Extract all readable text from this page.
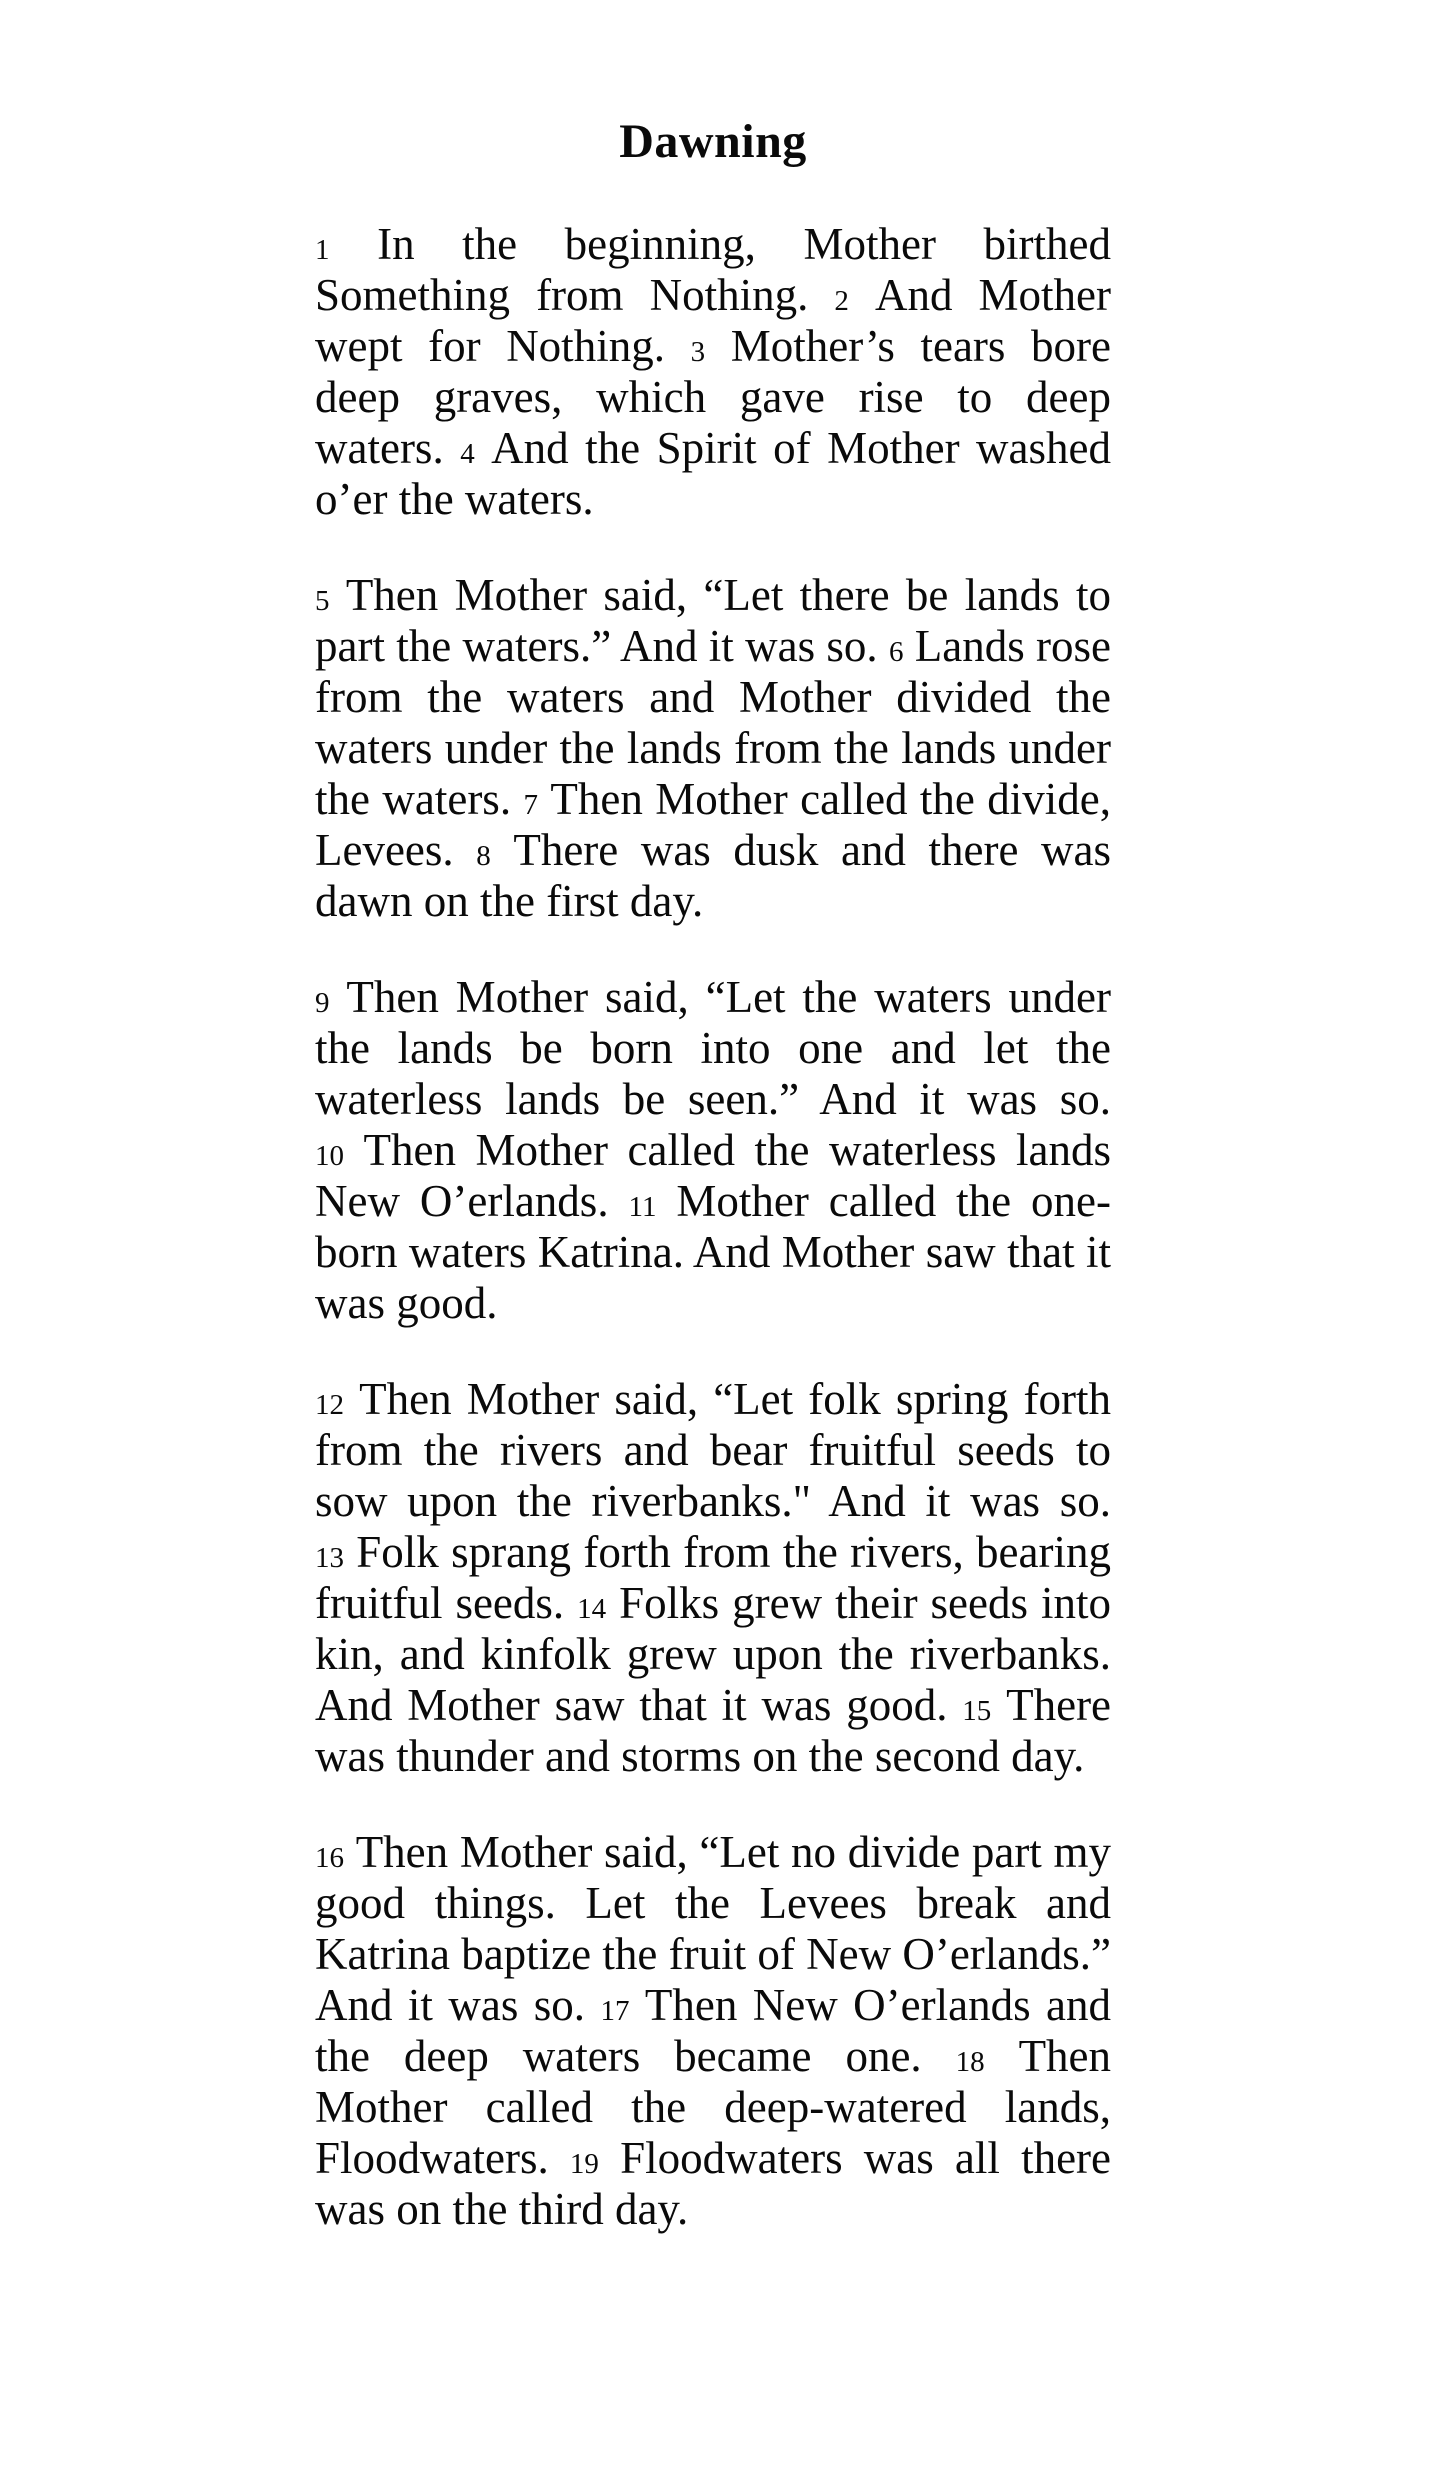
Dawning

1 In the beginning, Mother birthed Something from Nothing. 2 And Mother wept for Nothing. 3 Mother’s tears bore deep graves, which gave rise to deep waters. 4 And the Spirit of Mother washed o’er the waters.

5 Then Mother said, “Let there be lands to part the waters.” And it was so. 6 Lands rose from the waters and Mother divided the waters under the lands from the lands under the waters. 7 Then Mother called the divide, Levees. 8 There was dusk and there was dawn on the first day.

9 Then Mother said, “Let the waters under the lands be born into one and let the waterless lands be seen.” And it was so. 10 Then Mother called the waterless lands New O’erlands. 11 Mother called the one-born waters Katrina. And Mother saw that it was good.

12 Then Mother said, “Let folk spring forth from the rivers and bear fruitful seeds to sow upon the riverbanks." And it was so. 13 Folk sprang forth from the rivers, bearing fruitful seeds. 14 Folks grew their seeds into kin, and kinfolk grew upon the riverbanks. And Mother saw that it was good. 15 There was thunder and storms on the second day.

16 Then Mother said, “Let no divide part my good things. Let the Levees break and Katrina baptize the fruit of New O’erlands.” And it was so. 17 Then New O’erlands and the deep waters became one. 18 Then Mother called the deep-watered lands, Floodwaters. 19 Floodwaters was all there was on the third day.
